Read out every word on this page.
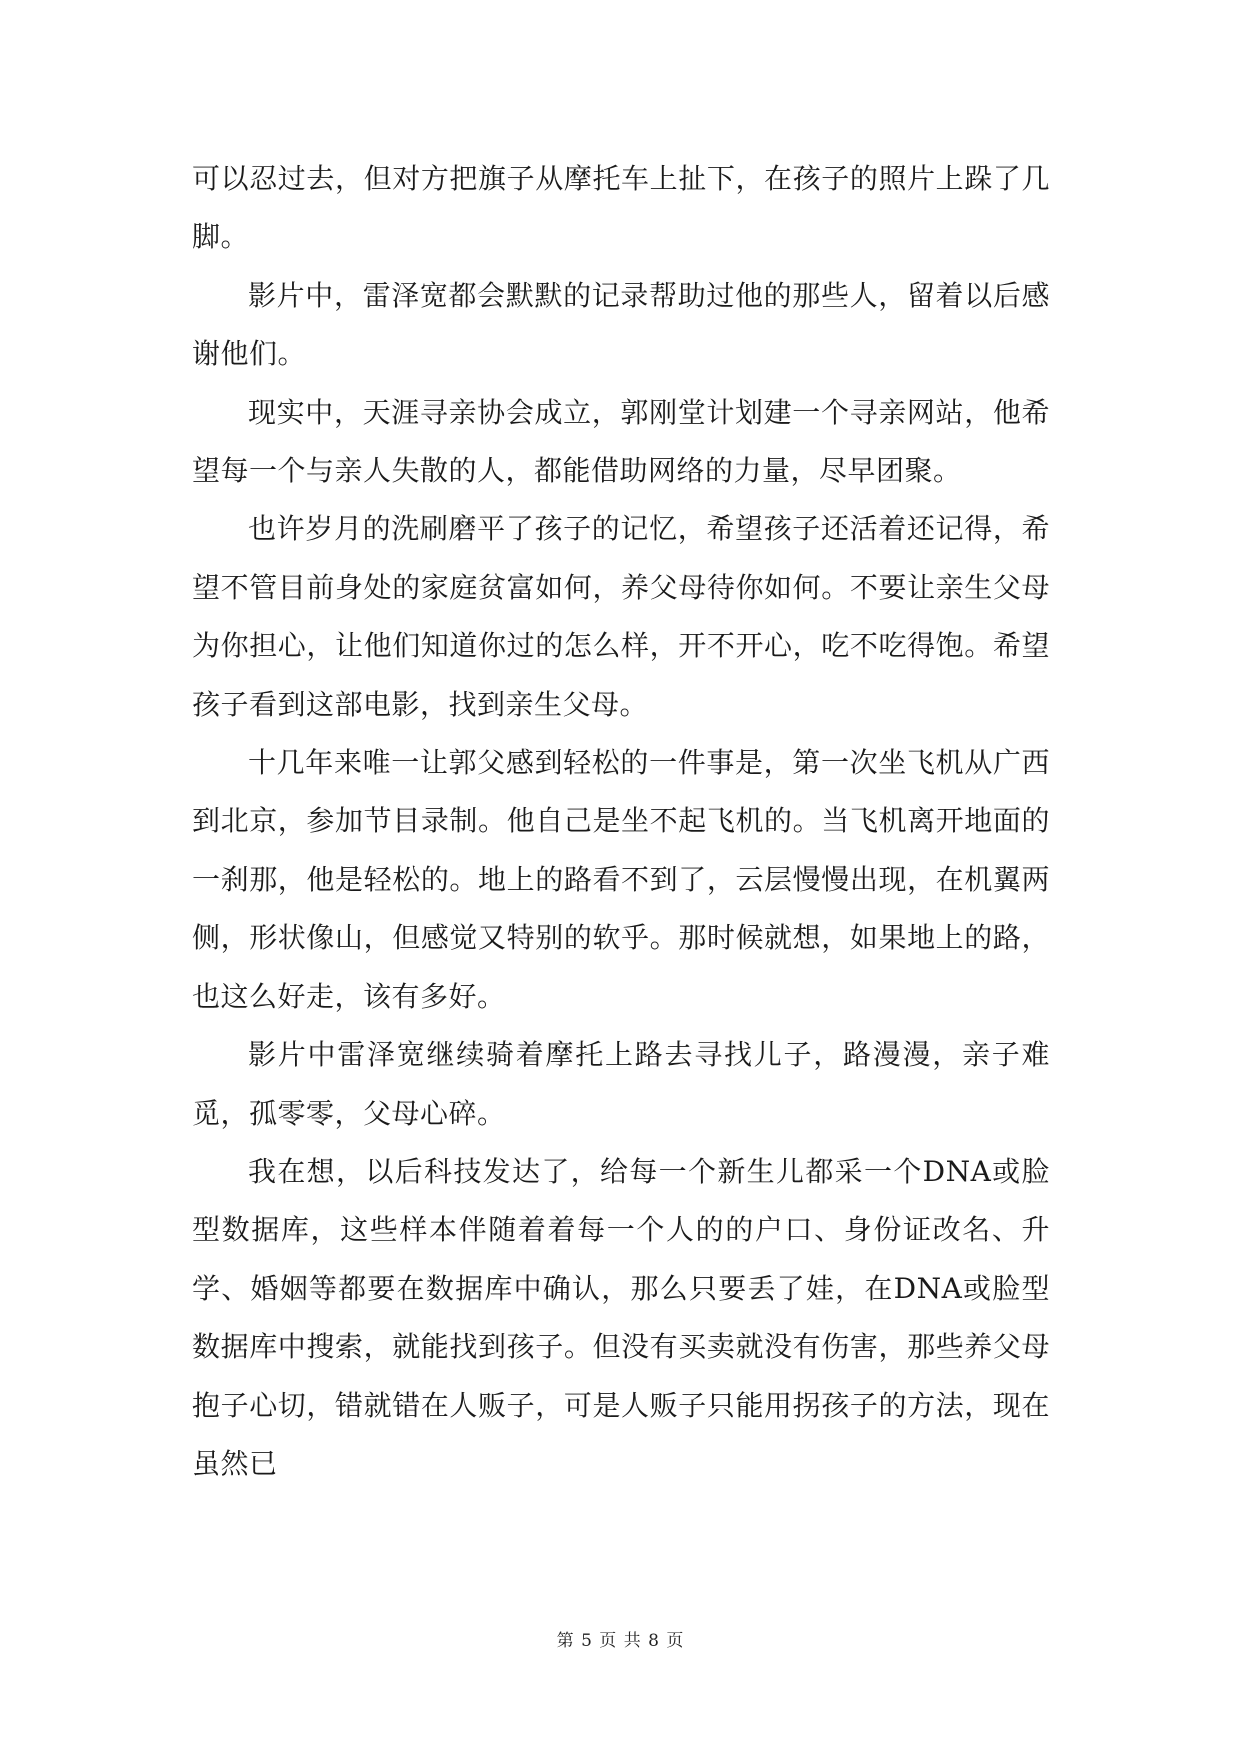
可以忍过去，但对方把旗子从摩托车上扯下，在孩子的照片上跺了几脚。

影片中，雷泽宽都会默默的记录帮助过他的那些人，留着以后感谢他们。

现实中，天涯寻亲协会成立，郭刚堂计划建一个寻亲网站，他希望每一个与亲人失散的人，都能借助网络的力量，尽早团聚。

也许岁月的洗刷磨平了孩子的记忆，希望孩子还活着还记得，希望不管目前身处的家庭贫富如何，养父母待你如何。不要让亲生父母为你担心，让他们知道你过的怎么样，开不开心，吃不吃得饱。希望孩子看到这部电影，找到亲生父母。

十几年来唯一让郭父感到轻松的一件事是，第一次坐飞机从广西到北京，参加节目录制。他自己是坐不起飞机的。当飞机离开地面的一刹那，他是轻松的。地上的路看不到了，云层慢慢出现，在机翼两侧，形状像山，但感觉又特别的软乎。那时候就想，如果地上的路，也这么好走，该有多好。

影片中雷泽宽继续骑着摩托上路去寻找儿子，路漫漫，亲子难觅，孤零零，父母心碎。

我在想，以后科技发达了，给每一个新生儿都采一个DNA或脸型数据库，这些样本伴随着着每一个人的的户口、身份证改名、升学、婚姻等都要在数据库中确认，那么只要丢了娃，在DNA或脸型数据库中搜索，就能找到孩子。但没有买卖就没有伤害，那些养父母抱子心切，错就错在人贩子，可是人贩子只能用拐孩子的方法，现在虽然已

第 5 页 共 8 页
